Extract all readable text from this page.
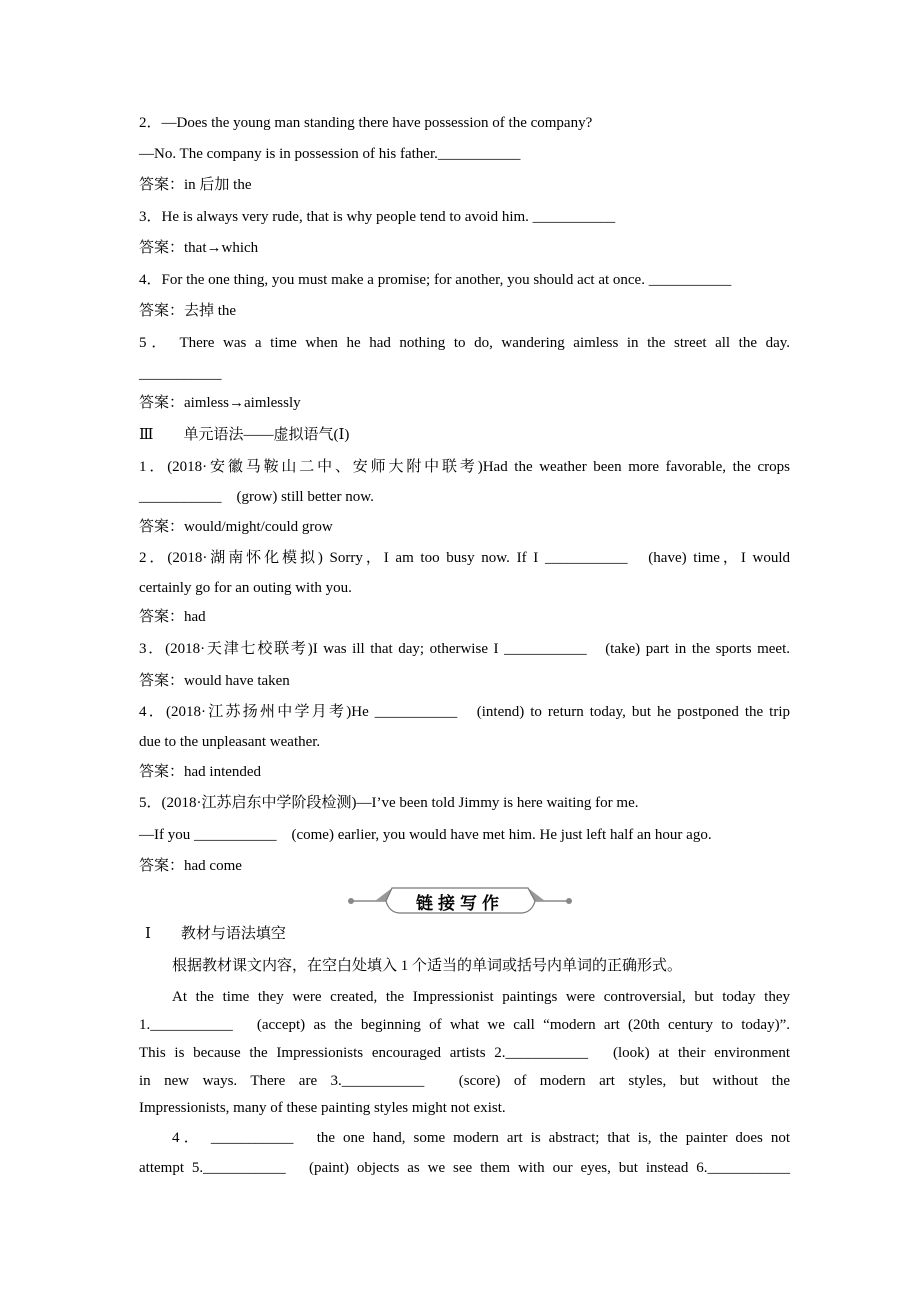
2．—Does the young man standing there have possession of the company?
—No. The company is in possession of his father.___________
答案：in 后加 the
3．He is always very rude, that is why people tend to avoid him. ___________
答案：that→which
4．For the one thing, you must make a promise; for another, you should act at once. ___________
答案：去掉 the
5． There was a time when he had nothing to do, wandering aimless in the street all the day.
___________
答案：aimless→aimlessly
Ⅲ　　单元语法——虚拟语气(Ⅰ)
1．(2018·安徽马鞍山二中、安师大附中联考)Had the weather been more favorable, the crops
___________　(grow) still better now.
答案：would/might/could grow
2．(2018·湖南怀化模拟) Sorry，I am too busy now. If I ___________　(have) time，I would
certainly go for an outing with you.
答案：had
3．(2018·天津七校联考)I was ill that day; otherwise I ___________　(take) part in the sports meet.
答案：would have taken
4．(2018·江苏扬州中学月考)He ___________　(intend) to return today, but he postponed the trip
due to the unpleasant weather.
答案：had intended
5．(2018·江苏启东中学阶段检测)—I’ve been told Jimmy is here waiting for me.
—If you ___________　(come) earlier, you would have met him. He just left half an hour ago.
答案：had come
链接写作
Ⅰ　　教材与语法填空
根据教材课文内容，在空白处填入 1 个适当的单词或括号内单词的正确形式。
At the time they were created, the Impressionist paintings were controversial, but today they
1.___________　(accept) as the beginning of what we call “modern art (20th century to today)”.
This is because the Impressionists encouraged artists 2.___________　(look) at their environment
in new ways. There are 3.___________　(score) of modern art styles, but without the
Impressionists, many of these painting styles might not exist.
4． ___________　the one hand, some modern art is abstract; that is, the painter does not
attempt 5.___________　(paint) objects as we see them with our eyes, but instead 6.___________
